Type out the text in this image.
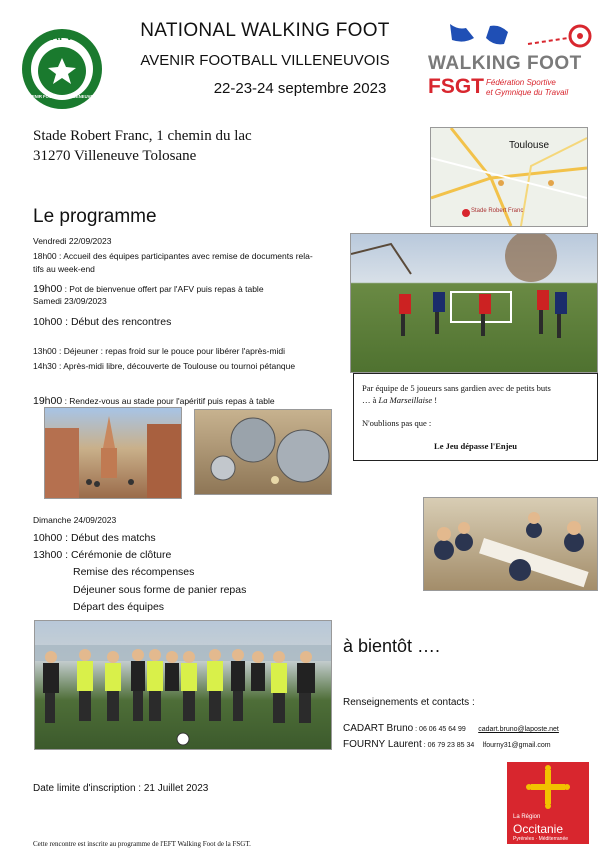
AFV
AVENIR FOOTBALL VILLENEUVOIS
NATIONAL WALKING FOOT
AVENIR FOOTBALL VILLENEUVOIS
22-23-24 septembre 2023
WALKING FOOT
FSGT Fédération Sportive
et Gymnique du Travail
Stade Robert Franc, 1 chemin du lac
31270 Villeneuve Tolosane
Toulouse
Stade Robert Franc
Le programme
Vendredi 22/09/2023
18h00 : Accueil des équipes participantes avec remise de documents rela-
tifs au week-end
19h00 : Pot de bienvenue offert par l'AFV puis repas à table
Samedi 23/09/2023
10h00 : Début des rencontres
13h00 : Déjeuner : repas froid sur le pouce pour libérer l'après-midi
14h30 : Après-midi libre, découverte de Toulouse ou tournoi pétanque
19h00 : Rendez-vous au stade pour l'apéritif puis repas à table
Par équipe de 5 joueurs sans gardien avec de petits buts
… à La Marseillaise !
N'oublions pas que :
Le Jeu dépasse l'Enjeu
Dimanche 24/09/2023
10h00 : Début des matchs
13h00 : Cérémonie de clôture
Remise des récompenses
Déjeuner sous forme de panier repas
Départ des équipes
à bientôt ….
Renseignements et contacts :
CADART Bruno : 06 06 45 64 99 cadart.bruno@laposte.net
FOURNY Laurent : 06 79 23 85 34 lfourny31@gmail.com
Date limite d'inscription : 21 Juillet 2023
La Région
Occitanie
Pyrénées · Méditerranée
Cette rencontre est inscrite au programme de l'EFT Walking Foot de la FSGT.
